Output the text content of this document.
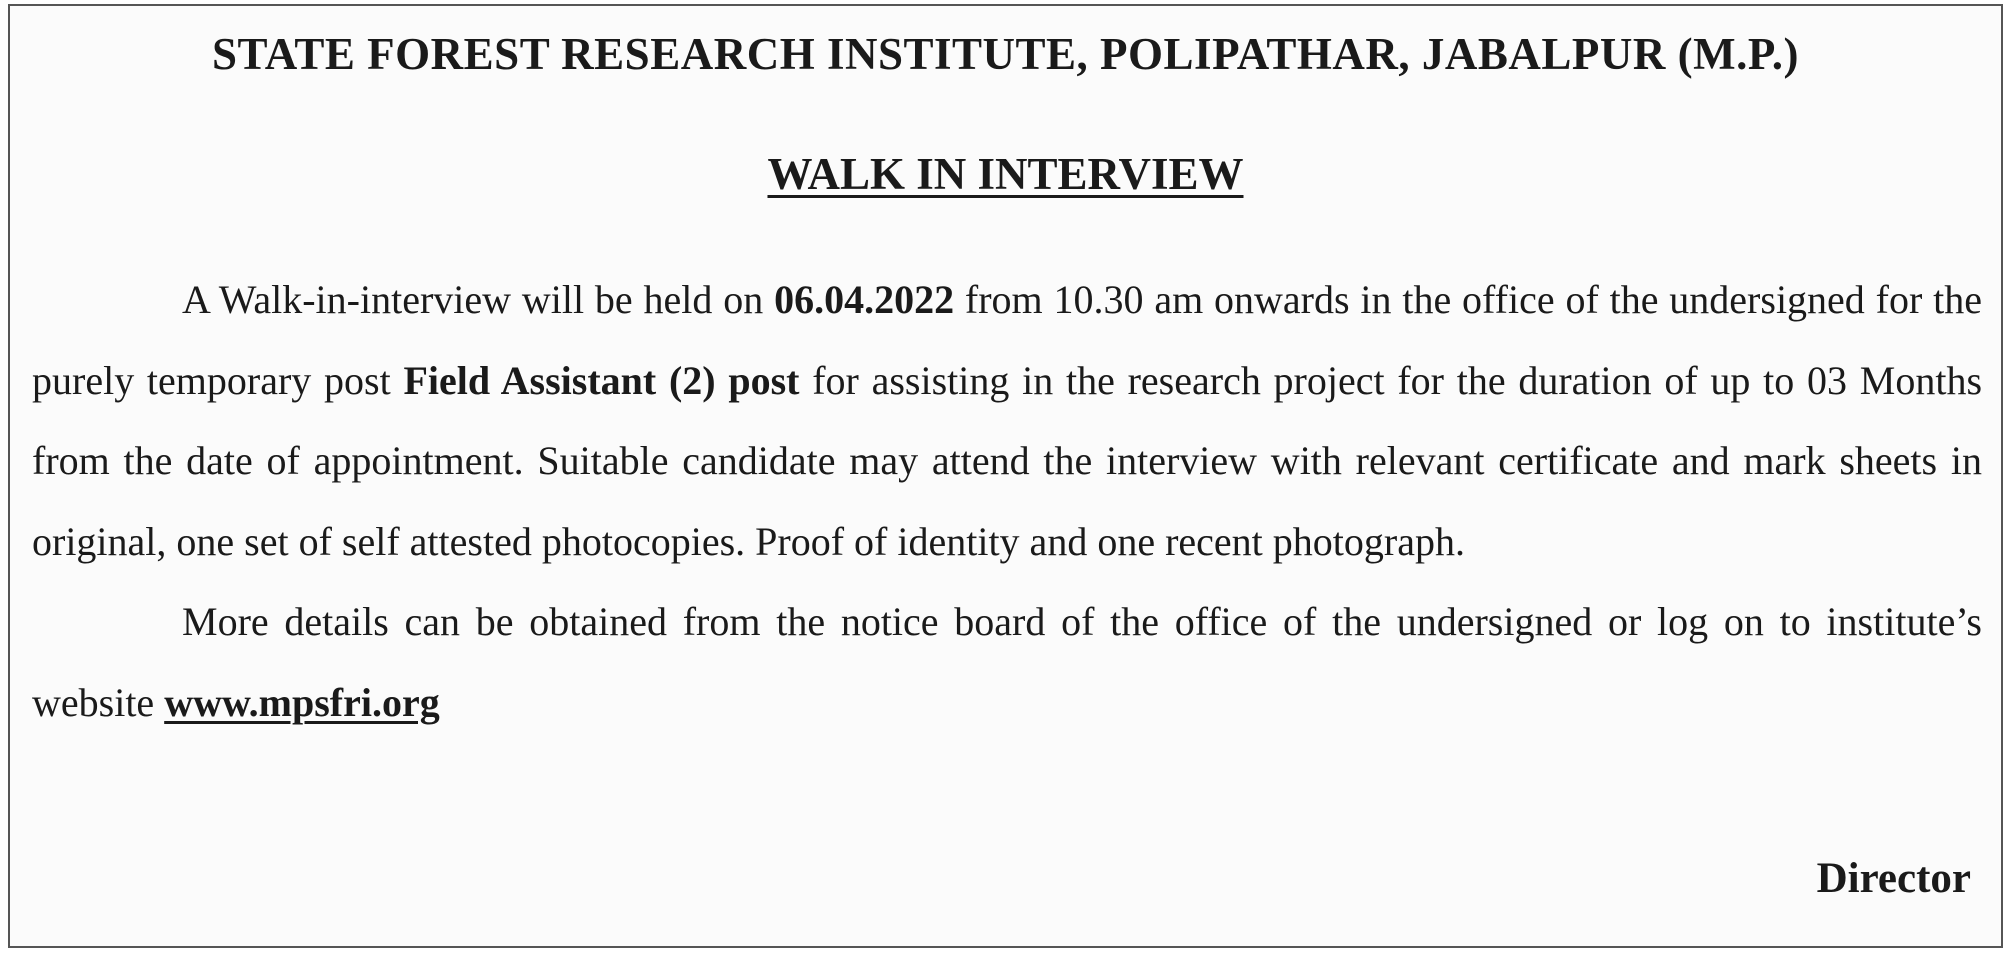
STATE FOREST RESEARCH INSTITUTE, POLIPATHAR, JABALPUR (M.P.)
WALK IN INTERVIEW

A Walk-in-interview will be held on 06.04.2022 from 10.30 am onwards in the office of the undersigned for the purely temporary post Field Assistant (2) post for assisting in the research project for the duration of up to 03 Months from the date of appointment. Suitable candidate may attend the interview with relevant certificate and mark sheets in original, one set of self attested photocopies. Proof of identity and one recent photograph.

More details can be obtained from the notice board of the office of the undersigned or log on to institute’s website www.mpsfri.org

Director
